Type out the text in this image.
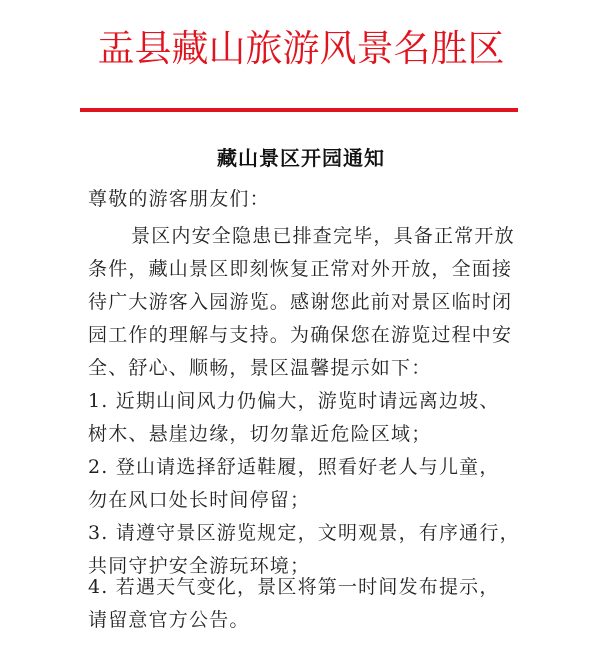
盂县藏山旅游风景名胜区
藏山景区开园通知
尊敬的游客朋友们：
景区内安全隐患已排查完毕，具备正常开放
条件，藏山景区即刻恢复正常对外开放，全面接
待广大游客入园游览。感谢您此前对景区临时闭
园工作的理解与支持。为确保您在游览过程中安
全、舒心、顺畅，景区温馨提示如下：
1. 近期山间风力仍偏大，游览时请远离边坡、
树木、悬崖边缘，切勿靠近危险区域；
2. 登山请选择舒适鞋履，照看好老人与儿童，
勿在风口处长时间停留；
3. 请遵守景区游览规定，文明观景，有序通行，
共同守护安全游玩环境；
4. 若遇天气变化，景区将第一时间发布提示，
请留意官方公告。
